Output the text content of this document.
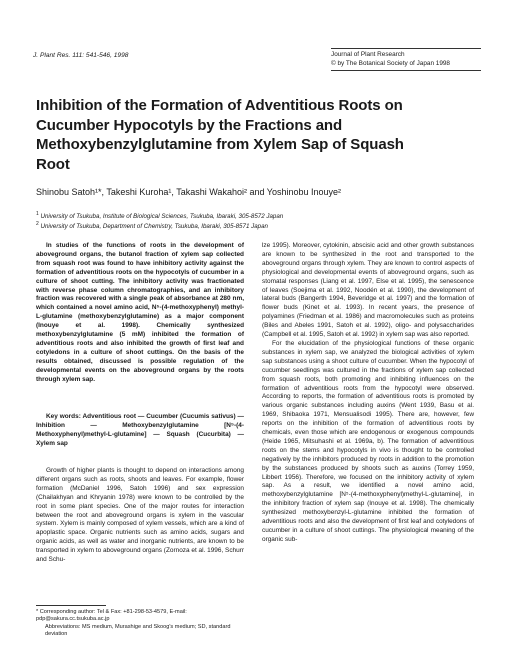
J. Plant Res. 111: 541-546, 1998	Journal of Plant Research
© by The Botanical Society of Japan 1998
Inhibition of the Formation of Adventitious Roots on Cucumber Hypocotyls by the Fractions and Methoxybenzylglutamine from Xylem Sap of Squash Root
Shinobu Satoh¹*, Takeshi Kuroha¹, Takashi Wakahoi² and Yoshinobu Inouye²
$^1$ University of Tsukuba, Institute of Biological Sciences, Tsukuba, Ibaraki, 305-8572 Japan
$^2$ University of Tsukuba, Department of Chemistry, Tsukuba, Ibaraki, 305-8571 Japan

In studies of the functions of roots in the development of aboveground organs, the butanol fraction of xylem sap collected from squash root was found to have inhibitory activity against the formation of adventitious roots on the hypocotyls of cucumber in a culture of shoot cutting. The inhibitory activity was fractionated with reverse phase column chromatographies, and an inhibitory fraction was recovered with a single peak of absorbance at 280 nm, which contained a novel amino acid, N⁵-(4-methoxyphenyl) methyl-L-glutamine (methoxybenzylglutamine) as a major component (Inouye et al. 1998). Chemically synthesized methoxybenzylglutamine (5 mM) inhibited the formation of adventitious roots and also inhibited the growth of first leaf and cotyledons in a culture of shoot cuttings. On the basis of the results obtained, discussed is possible regulation of the developmental events on the aboveground organs by the roots through xylem sap.

Key words: Adventitious root — Cucumber (Cucumis sativus) — Inhibition — Methoxybenzylglutamine [N⁵-(4-Methoxyphenyl)methyl-L-glutamine] — Squash (Cucurbita) — Xylem sap

Growth of higher plants is thought to depend on interactions among different organs such as roots, shoots and leaves. For example, flower formation (McDaniel 1996, Satoh 1996) and sex expression (Chailakhyan and Khryanin 1978) were known to be controlled by the root in some plant species. One of the major routes for interaction between the root and aboveground organs is xylem in the vascular system. Xylem is mainly composed of xylem vessels, which are a kind of apoplastic space. Organic nutrients such as amino acids, sugars and organic acids, as well as water and inorganic nutrients, are known to be transported in xylem to aboveground organs (Zornoza et al. 1996, Schurr and Schu-

lze 1995). Moreover, cytokinin, abscisic acid and other growth substances are known to be synthesized in the root and transported to the aboveground organs through xylem. They are known to control aspects of physiological and developmental events of aboveground organs, such as stomatal responses (Liang et al. 1997, Else et al. 1995), the senescence of leaves (Soejima et al. 1992, Noodén et al. 1990), the development of lateral buds (Bangerth 1994, Beveridge et al. 1997) and the formation of flower buds (Kinet et al. 1993). In recent years, the presence of polyamines (Friedman et al. 1986) and macromolecules such as proteins (Biles and Abeles 1991, Satoh et al. 1992), oligo- and polysaccharides (Campbell et al. 1995, Satoh et al. 1992) in xylem sap was also reported.

For the elucidation of the physiological functions of these organic substances in xylem sap, we analyzed the biological activities of xylem sap substances using a shoot culture of cucumber. When the hypocotyl of cucumber seedlings was cultured in the fractions of xylem sap collected from squash roots, both promoting and inhibiting influences on the formation of adventitious roots from the hypocotyl were observed. According to reports, the formation of adventitious roots is promoted by various organic substances including auxins (Went 1939, Basu et al. 1969, Shibaoka 1971, Mensualisodi 1995). There are, however, few reports on the inhibition of the formation of adventitious roots by chemicals, even those which are endogenous or exogenous compounds (Heide 1965, Mitsuhashi et al. 1969a, b). The formation of adventitious roots on the stems and hypocotyls in vivo is thought to be controlled negatively by the inhibitors produced by roots in addition to the promotion by the substances produced by shoots such as auxins (Torrey 1959, Libbert 1956). Therefore, we focused on the inhibitory activity of xylem sap. As a result, we identified a novel amino acid, methoxybenzylglutamine [N⁵-(4-methoxyphenyl)methyl-L-glutamine], in the inhibitory fraction of xylem sap (Inouye et al. 1998). The chemically synthesized methoxybenzyl-L-glutamine inhibited the formation of adventitious roots and also the development of first leaf and cotyledons of cucumber in a culture of shoot cuttings. The physiological meaning of the organic sub-

* Corresponding author: Tel & Fax: +81-298-53-4579, E-mail: pdp@sakura.cc.tsukuba.ac.jp
Abbreviations: MS medium, Murashige and Skoog's medium; SD, standard deviation
